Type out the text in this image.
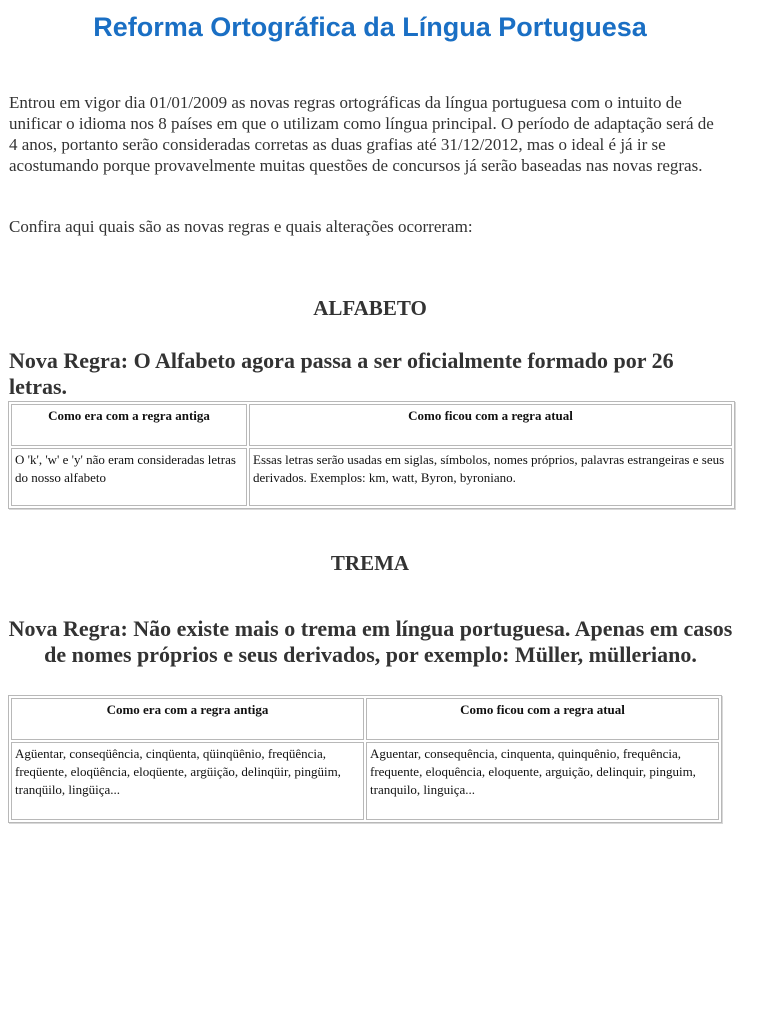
Reforma Ortográfica da Língua Portuguesa

Entrou em vigor dia 01/01/2009 as novas regras ortográficas da língua portuguesa com o intuito de unificar o idioma nos 8 países em que o utilizam como língua principal. O período de adaptação será de 4 anos, portanto serão consideradas corretas as duas grafias até 31/12/2012, mas o ideal é já ir se acostumando porque provavelmente muitas questões de concursos já serão baseadas nas novas regras.

Confira aqui quais são as novas regras e quais alterações ocorreram:

ALFABETO

Nova Regra: O Alfabeto agora passa a ser oficialmente formado por 26 letras.

Como era com a regra antiga	Como ficou com a regra atual
O 'k', 'w' e 'y' não eram consideradas letras do nosso alfabeto	Essas letras serão usadas em siglas, símbolos, nomes próprios, palavras estrangeiras e seus derivados. Exemplos: km, watt, Byron, byroniano.
TREMA

Nova Regra: Não existe mais o trema em língua portuguesa. Apenas em casos de nomes próprios e seus derivados, por exemplo: Müller, mülleriano.

Como era com a regra antiga	Como ficou com a regra atual
Agüentar, conseqüência, cinqüenta, qüinqüênio, freqüência, freqüente, eloqüência, eloqüente, argüição, delinqüir, pingüim, tranqüilo, lingüiça...	Aguentar, consequência, cinquenta, quinquênio, frequência, frequente, eloquência, eloquente, arguição, delinquir, pinguim, tranquilo, linguiça...
